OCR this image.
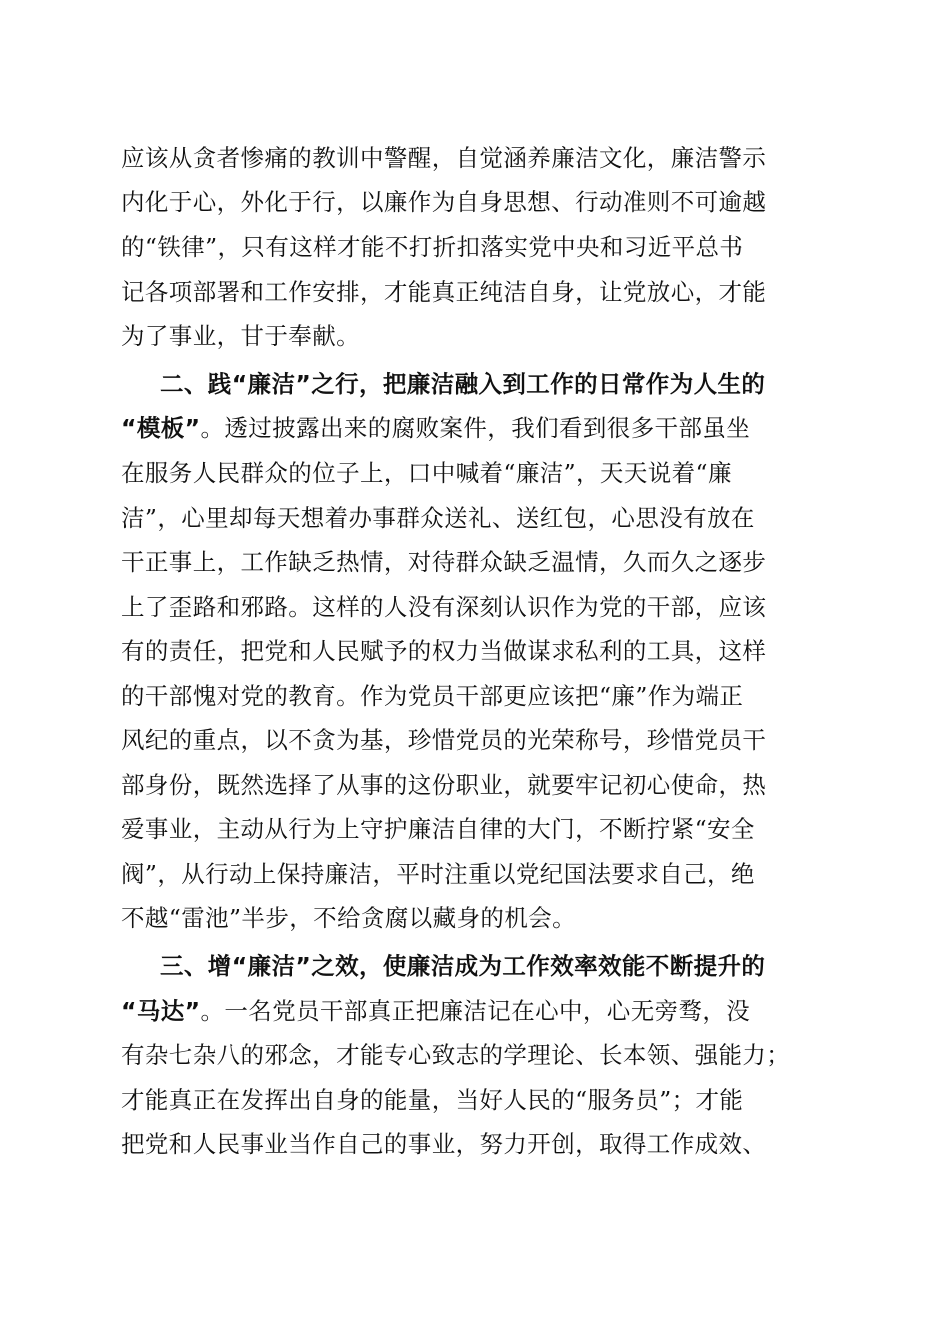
应该从贪者惨痛的教训中警醒，自觉涵养廉洁文化，廉洁警示
内化于心，外化于行，以廉作为自身思想、行动准则不可逾越
的“铁律”，只有这样才能不打折扣落实党中央和习近平总书
记各项部署和工作安排，才能真正纯洁自身，让党放心，才能
为了事业，甘于奉献。
二、践“廉洁”之行，把廉洁融入到工作的日常作为人生的
“模板”。透过披露出来的腐败案件，我们看到很多干部虽坐
在服务人民群众的位子上，口中喊着“廉洁”，天天说着“廉
洁”，心里却每天想着办事群众送礼、送红包，心思没有放在
干正事上，工作缺乏热情，对待群众缺乏温情，久而久之逐步
上了歪路和邪路。这样的人没有深刻认识作为党的干部，应该
有的责任，把党和人民赋予的权力当做谋求私利的工具，这样
的干部愧对党的教育。作为党员干部更应该把“廉”作为端正
风纪的重点，以不贪为基，珍惜党员的光荣称号，珍惜党员干
部身份，既然选择了从事的这份职业，就要牢记初心使命，热
爱事业，主动从行为上守护廉洁自律的大门，不断拧紧“安全
阀”，从行动上保持廉洁，平时注重以党纪国法要求自己，绝
不越“雷池”半步，不给贪腐以藏身的机会。
三、增“廉洁”之效，使廉洁成为工作效率效能不断提升的
“马达”。一名党员干部真正把廉洁记在心中，心无旁骛，没
有杂七杂八的邪念，才能专心致志的学理论、长本领、强能力；
才能真正在发挥出自身的能量，当好人民的“服务员”；才能
把党和人民事业当作自己的事业，努力开创，取得工作成效、
